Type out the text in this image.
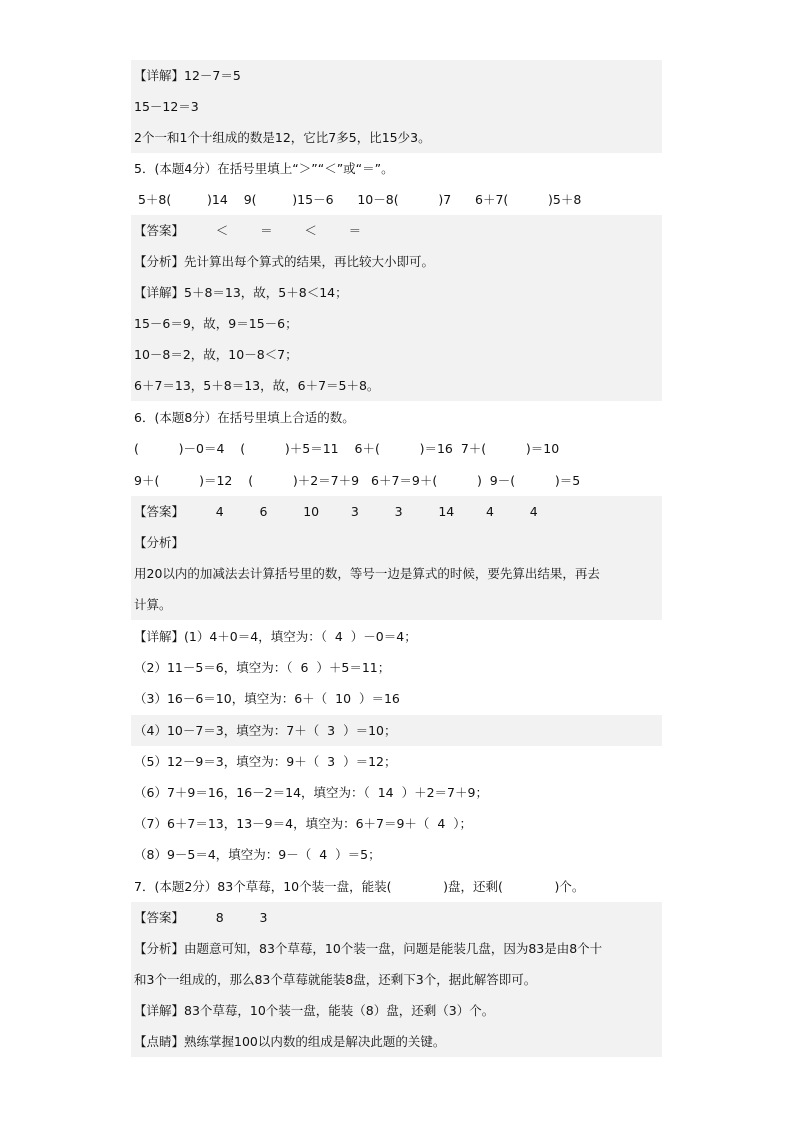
【详解】12－7＝5
15－12＝3
2个一和1个十组成的数是12，它比7多5，比15少3。
5．(本题4分）在括号里填上“＞”“＜”或“＝”。
5＋8(         )14    9(         )15－6      10－8(          )7      6＋7(          )5＋8
【答案】        ＜        ＝        ＜        ＝
【分析】先计算出每个算式的结果，再比较大小即可。
【详解】5＋8＝13，故，5＋8＜14；
15－6＝9，故，9＝15－6；
10－8＝2，故，10－8＜7；
6＋7＝13，5＋8＝13，故，6＋7＝5＋8。
6．(本题8分）在括号里填上合适的数。
(          )－0＝4    (          )＋5＝11    6＋(          )＝16  7＋(          )＝10
9＋(          )＝12    (          )＋2＝7＋9   6＋7＝9＋(          )  9－(          )＝5
【答案】        4         6         10        3         3         14        4         4
【分析】
用20以内的加减法去计算括号里的数，等号一边是算式的时候，要先算出结果，再去
计算。
【详解】(1）4＋0＝4，填空为：（  4  ）－0＝4；
（2）11－5＝6，填空为：（  6  ）＋5＝11；
（3）16－6＝10，填空为：6＋（  10  ）＝16
（4）10－7＝3，填空为：7＋（  3  ）＝10；
（5）12－9＝3，填空为：9＋（  3  ）＝12；
（6）7＋9＝16，16－2＝14，填空为：（  14  ）＋2＝7＋9；
（7）6＋7＝13，13－9＝4，填空为：6＋7＝9＋（  4  ）；
（8）9－5＝4，填空为：9－（  4  ）＝5；
7．(本题2分）83个草莓，10个装一盘，能装(             )盘，还剩(             )个。
【答案】        8         3
【分析】由题意可知，83个草莓，10个装一盘，问题是能装几盘，因为83是由8个十
和3个一组成的，那么83个草莓就能装8盘，还剩下3个，据此解答即可。
【详解】83个草莓，10个装一盘，能装（8）盘，还剩（3）个。
【点睛】熟练掌握100以内数的组成是解决此题的关键。
